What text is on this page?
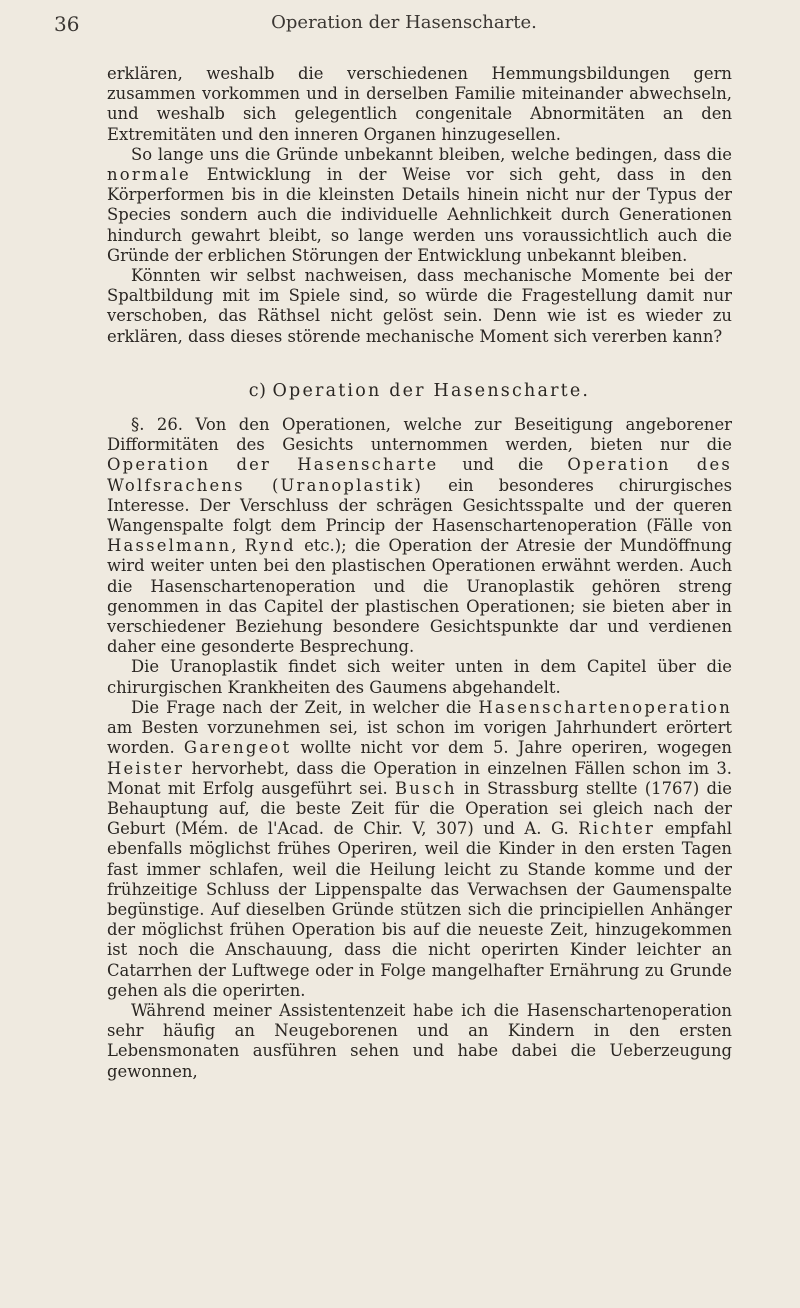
36	Operation der Hasenscharte.

erklären, weshalb die verschiedenen Hemmungsbildungen gern zusammen vorkommen und in derselben Familie miteinander abwechseln, und weshalb sich gelegentlich congenitale Abnormitäten an den Extremitäten und den inneren Organen hinzugesellen.

So lange uns die Gründe unbekannt bleiben, welche bedingen, dass die normale Entwicklung in der Weise vor sich geht, dass in den Körperformen bis in die kleinsten Details hinein nicht nur der Typus der Species sondern auch die individuelle Aehnlichkeit durch Generationen hindurch gewahrt bleibt, so lange werden uns voraussichtlich auch die Gründe der erblichen Störungen der Entwicklung unbekannt bleiben.

Könnten wir selbst nachweisen, dass mechanische Momente bei der Spaltbildung mit im Spiele sind, so würde die Fragestellung damit nur verschoben, das Räthsel nicht gelöst sein. Denn wie ist es wieder zu erklären, dass dieses störende mechanische Moment sich vererben kann?

c) Operation der Hasenscharte.

§. 26. Von den Operationen, welche zur Beseitigung angeborener Difformitäten des Gesichts unternommen werden, bieten nur die Operation der Hasenscharte und die Operation des Wolfsrachens (Uranoplastik) ein besonderes chirurgisches Interesse. Der Verschluss der schrägen Gesichtsspalte und der queren Wangenspalte folgt dem Princip der Hasenschartenoperation (Fälle von Hasselmann, Rynd etc.); die Operation der Atresie der Mundöffnung wird weiter unten bei den plastischen Operationen erwähnt werden. Auch die Hasenschartenoperation und die Uranoplastik gehören streng genommen in das Capitel der plastischen Operationen; sie bieten aber in verschiedener Beziehung besondere Gesichtspunkte dar und verdienen daher eine gesonderte Besprechung.

Die Uranoplastik findet sich weiter unten in dem Capitel über die chirurgischen Krankheiten des Gaumens abgehandelt.

Die Frage nach der Zeit, in welcher die Hasenschartenoperation am Besten vorzunehmen sei, ist schon im vorigen Jahrhundert erörtert worden. Garengeot wollte nicht vor dem 5. Jahre operiren, wogegen Heister hervorhebt, dass die Operation in einzelnen Fällen schon im 3. Monat mit Erfolg ausgeführt sei. Busch in Strassburg stellte (1767) die Behauptung auf, die beste Zeit für die Operation sei gleich nach der Geburt (Mém. de l'Acad. de Chir. V, 307) und A. G. Richter empfahl ebenfalls möglichst frühes Operiren, weil die Kinder in den ersten Tagen fast immer schlafen, weil die Heilung leicht zu Stande komme und der frühzeitige Schluss der Lippenspalte das Verwachsen der Gaumenspalte begünstige. Auf dieselben Gründe stützen sich die principiellen Anhänger der möglichst frühen Operation bis auf die neueste Zeit, hinzugekommen ist noch die Anschauung, dass die nicht operirten Kinder leichter an Catarrhen der Luftwege oder in Folge mangelhafter Ernährung zu Grunde gehen als die operirten.

Während meiner Assistentenzeit habe ich die Hasenschartenoperation sehr häufig an Neugeborenen und an Kindern in den ersten Lebensmonaten ausführen sehen und habe dabei die Ueberzeugung gewonnen,
